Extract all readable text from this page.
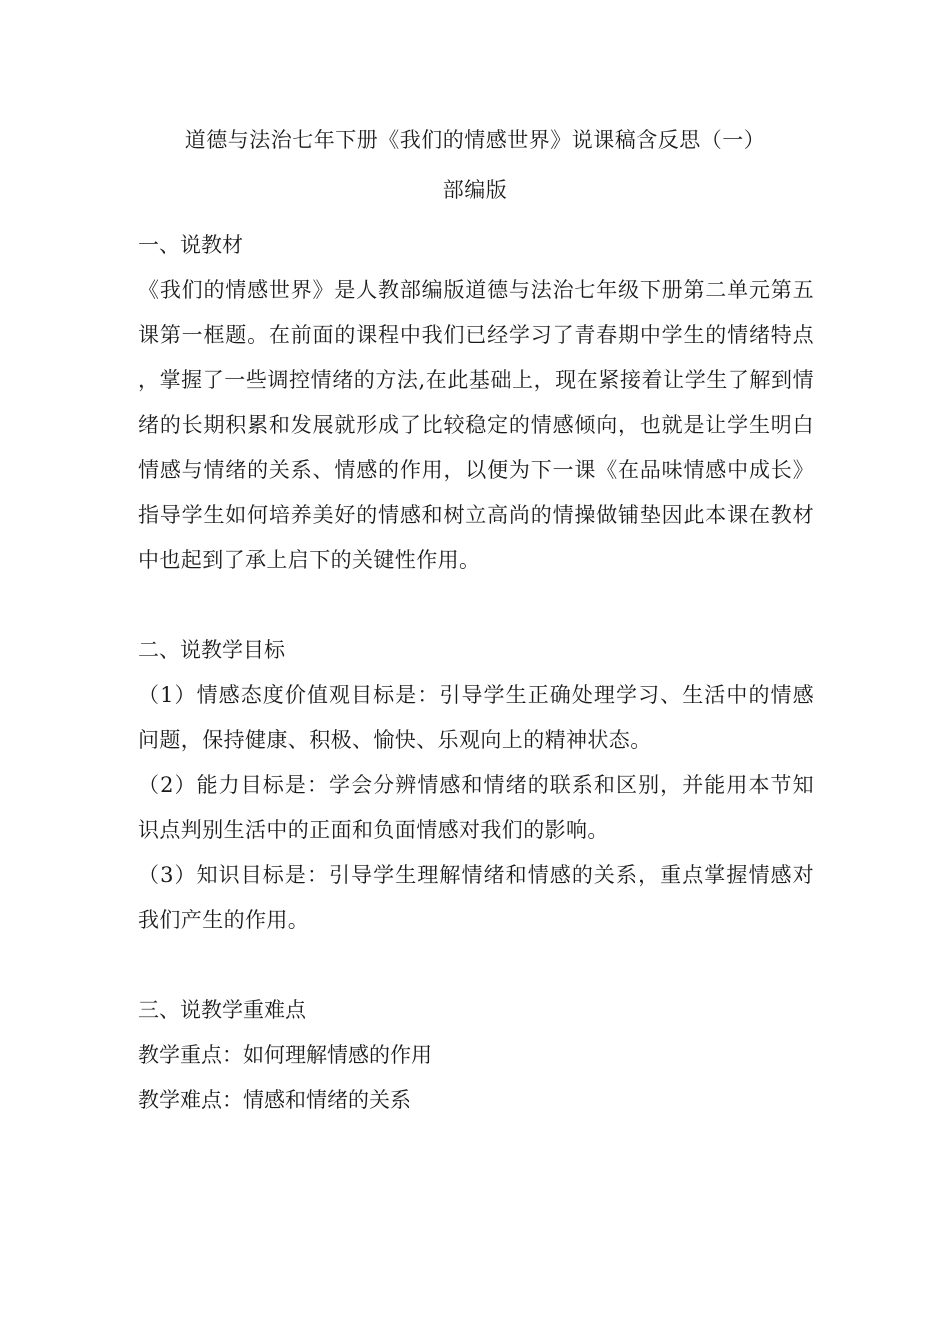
道德与法治七年下册《我们的情感世界》说课稿含反思（一）
部编版

一、说教材

《我们的情感世界》是人教部编版道德与法治七年级下册第二单元第五课第一框题。在前面的课程中我们已经学习了青春期中学生的情绪特点，掌握了一些调控情绪的方法,在此基础上，现在紧接着让学生了解到情绪的长期积累和发展就形成了比较稳定的情感倾向，也就是让学生明白情感与情绪的关系、情感的作用，以便为下一课《在品味情感中成长》指导学生如何培养美好的情感和树立高尚的情操做铺垫因此本课在教材中也起到了承上启下的关键性作用。

二、说教学目标

（1）情感态度价值观目标是：引导学生正确处理学习、生活中的情感问题，保持健康、积极、愉快、乐观向上的精神状态。

（2）能力目标是：学会分辨情感和情绪的联系和区别，并能用本节知识点判别生活中的正面和负面情感对我们的影响。

（3）知识目标是：引导学生理解情绪和情感的关系，重点掌握情感对我们产生的作用。

三、说教学重难点

教学重点：如何理解情感的作用

教学难点：情感和情绪的关系
